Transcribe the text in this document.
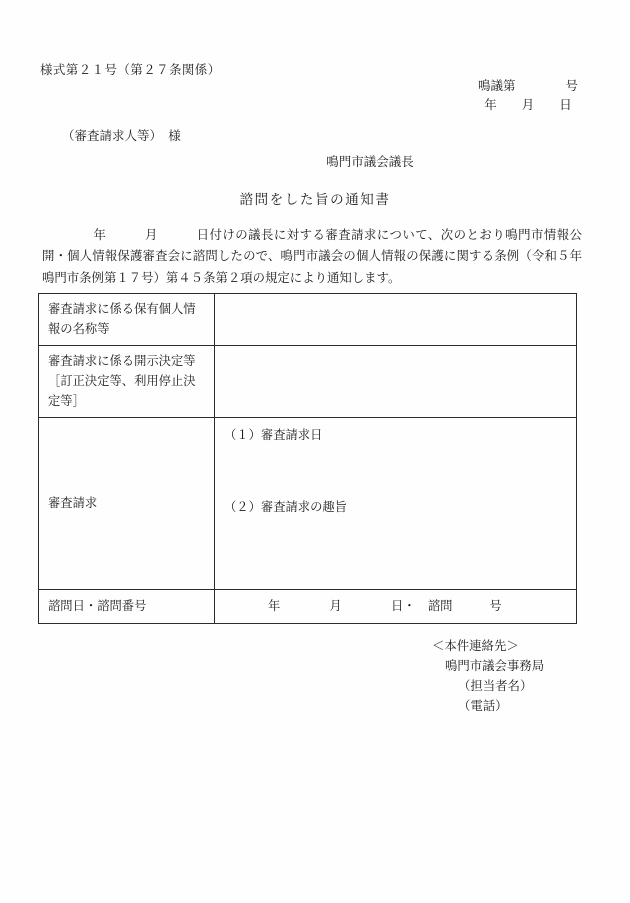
様式第２１号（第２７条関係）
鳴議第　　　　号
年　　月　　日
（審査請求人等）　様
鳴門市議会議長
諮問をした旨の通知書
　　　　年　　　月　　　日付けの議長に対する審査請求について、次のとおり鳴門市情報公開・個人情報保護審査会に諮問したので、鳴門市議会の個人情報の保護に関する条例（令和５年鳴門市条例第１７号）第４５条第２項の規定により通知します。
審査請求に係る保有個人情報の名称等	
審査請求に係る開示決定等［訂正決定等、利用停止決定等］	
審査請求	（１）審査請求日
（２）審査請求の趣旨

諮問日・諮問番号	年　　　　月　　　　日・　諮問　　　号
＜本件連絡先＞
鳴門市議会事務局
（担当者名）
（電話）
